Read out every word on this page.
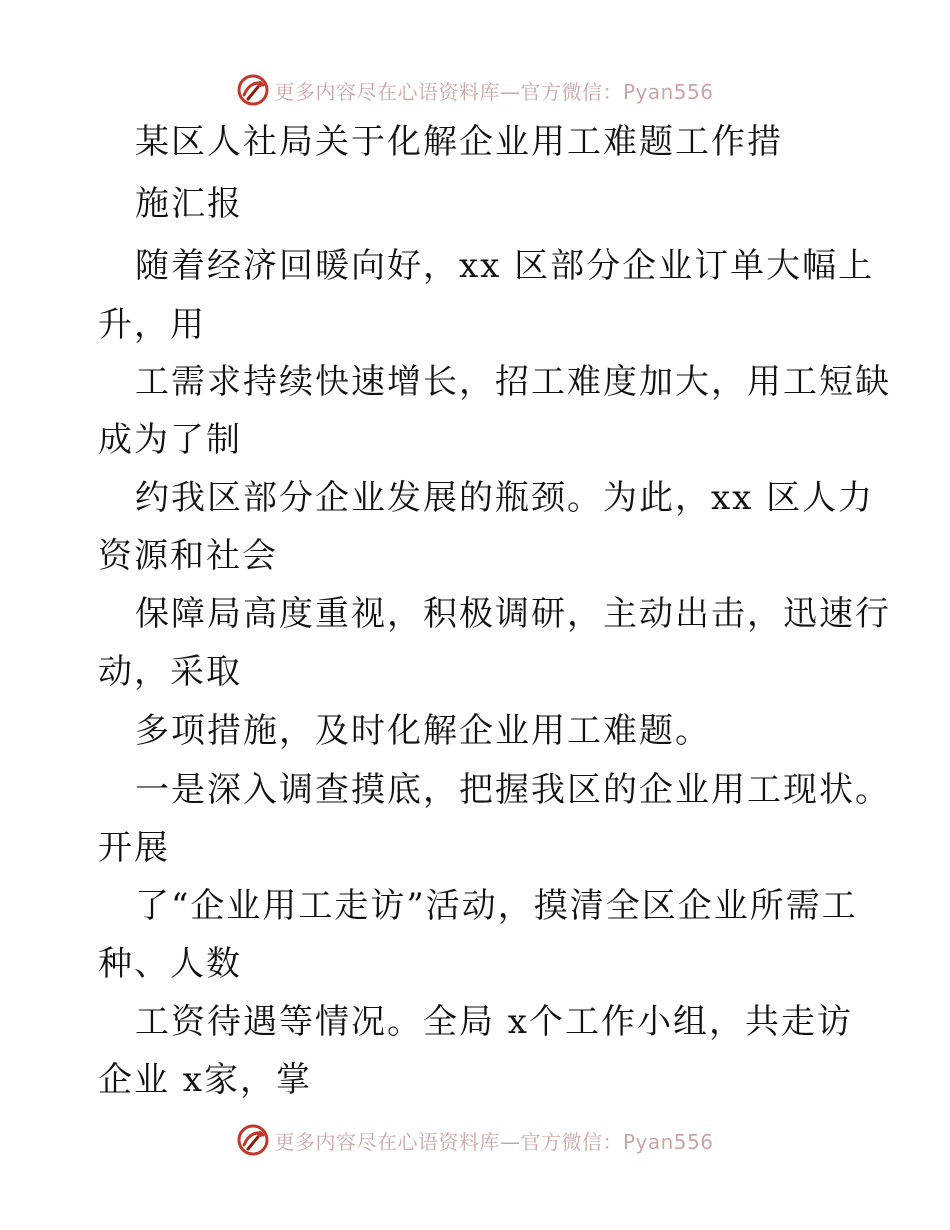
更多内容尽在心语资料库—官方微信：Pyan556
某区人社局关于化解企业用工难题工作措
施汇报
随着经济回暖向好，xx 区部分企业订单大幅上
升，用
工需求持续快速增长，招工难度加大，用工短缺
成为了制
约我区部分企业发展的瓶颈。为此，xx 区人力
资源和社会
保障局高度重视，积极调研，主动出击，迅速行
动，采取
多项措施，及时化解企业用工难题。
一是深入调查摸底，把握我区的企业用工现状。
开展
了“企业用工走访”活动，摸清全区企业所需工
种、人数
工资待遇等情况。全局 x个工作小组，共走访
企业 x家，掌
更多内容尽在心语资料库—官方微信：Pyan556
